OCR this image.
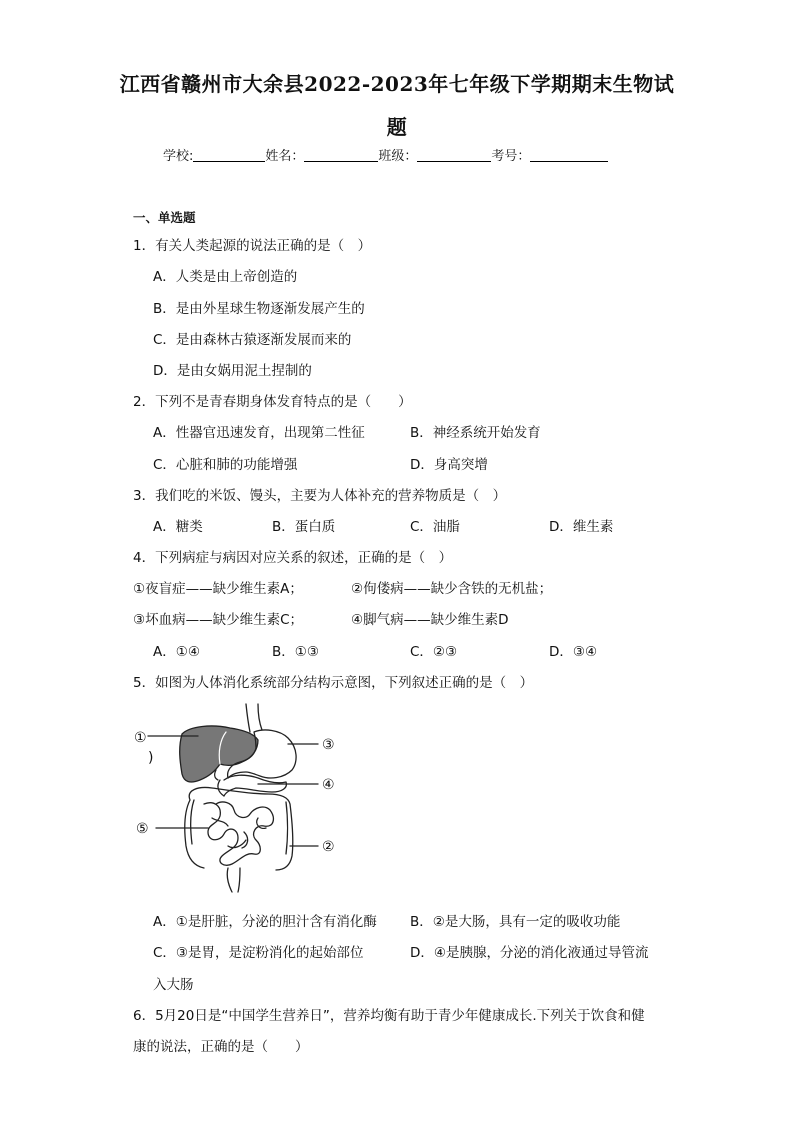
江西省赣州市大余县2022-2023年七年级下学期期末生物试
题
学校:	姓名：	班级：	考号：
一、单选题
1．有关人类起源的说法正确的是（　）
A．人类是由上帝创造的
B．是由外星球生物逐渐发展产生的
C．是由森林古猿逐渐发展而来的
D．是由女娲用泥土捏制的
2．下列不是青春期身体发育特点的是（　　）
A．性器官迅速发育，出现第二性征	B．神经系统开始发育
C．心脏和肺的功能增强	D．身高突增
3．我们吃的米饭、馒头，主要为人体补充的营养物质是（　）
A．糖类	B．蛋白质	C．油脂	D．维生素
4．下列病症与病因对应关系的叙述，正确的是（　）
①夜盲症——缺少维生素A；	②佝偻病——缺少含铁的无机盐；
③坏血病——缺少维生素C；	④脚气病——缺少维生素D
A．①④	B．①③	C．②③	D．③④
5．如图为人体消化系统部分结构示意图，下列叙述正确的是（　）
①
)
③
④
⑤
②
A．①是肝脏，分泌的胆汁含有消化酶 B．②是大肠，具有一定的吸收功能
C．③是胃，是淀粉消化的起始部位	D．④是胰腺，分泌的消化液通过导管流
入大肠
6．5月20日是“中国学生营养日”，营养均衡有助于青少年健康成长.下列关于饮食和健
康的说法，正确的是（　　）
